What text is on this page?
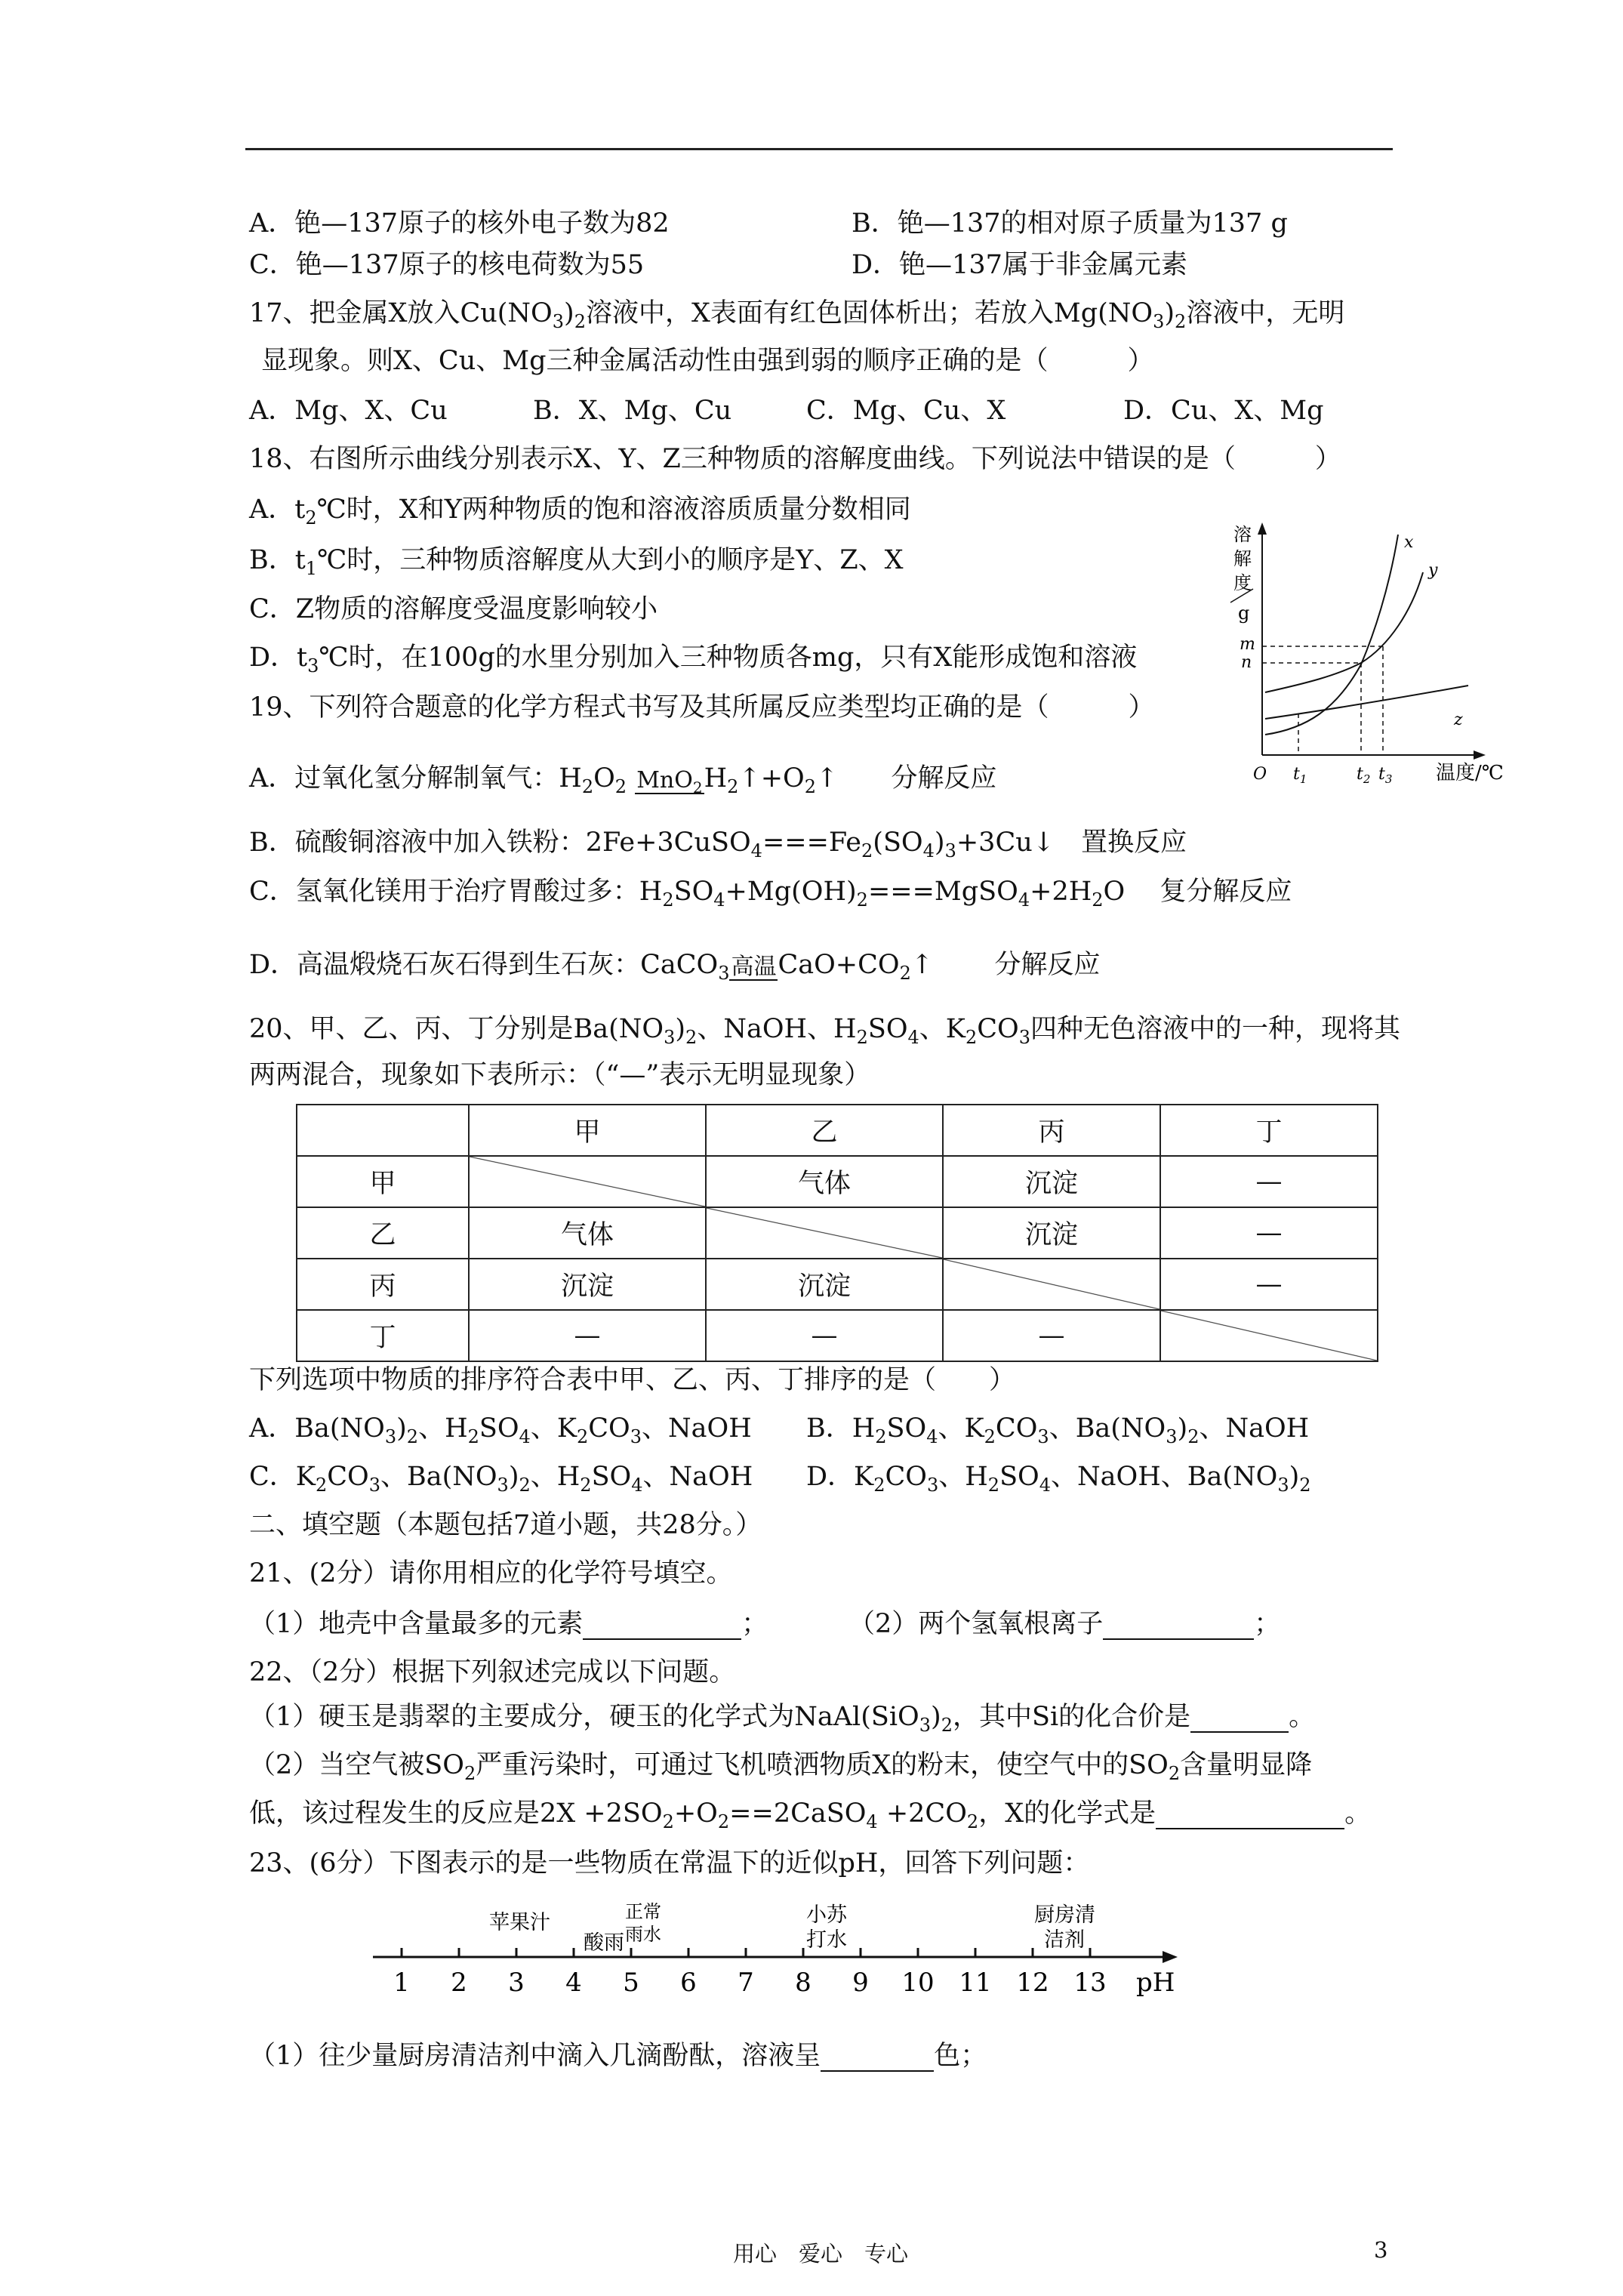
A．铯—137原子的核外电子数为82	B．铯—137的相对原子质量为137 g
C．铯—137原子的核电荷数为55	D．铯—137属于非金属元素
17、把金属X放入$Cu(NO_3)_2$溶液中，X表面有红色固体析出；若放入$Mg(NO_3)_2$溶液中，无明
显现象。则X、Cu、Mg三种金属活动性由强到弱的顺序正确的是（　　　）
A．Mg、X、Cu	B．X、Mg、Cu	C．Mg、Cu、X	D．Cu、X、Mg
18、右图所示曲线分别表示X、Y、Z三种物质的溶解度曲线。下列说法中错误的是（　　　）
A．$t_2℃$时，X和Y两种物质的饱和溶液溶质质量分数相同
B．$t_1℃$时，三种物质溶解度从大到小的顺序是Y、Z、X
C．Z物质的溶解度受温度影响较小
D．$t_3℃$时，在100g的水里分别加入三种物质各mg，只有X能形成饱和溶液
溶
解
度
g
m
n
x
y
z
O $t_1$	$t_2$ $t_3$ 温度/℃
19、下列符合题意的化学方程式书写及其所属反应类型均正确的是（　　　）
A．过氧化氢分解制氧气：$H_2O_2$ MnO$_2$ $H_2↑+O_2↑$　　分解反应
B．硫酸铜溶液中加入铁粉：$2Fe+3CuSO_4===Fe_2(SO_4)_3+3Cu↓$　 置换反应
C．氢氧化镁用于治疗胃酸过多：$H_2SO_4+Mg(OH)_2===MgSO_4+2H_2O$　 复分解反应
D．高温煅烧石灰石得到生石灰：CaCO$_3$ 高温 $CaO+CO_2↑$　　 分解反应
20、甲、乙、丙、丁分别是$Ba(NO_3)_2$、NaOH、$H_2SO_4$、$K_2CO_3$四种无色溶液中的一种，现将其
两两混合，现象如下表所示：（“—”表示无明显现象）
	甲	乙	丙	丁
甲		气体	沉淀	—
乙	气体		沉淀	—
丙	沉淀	沉淀		—
丁	—	—	—	
下列选项中物质的排序符合表中甲、乙、丙、丁排序的是（　　）
A．$Ba(NO_3)_2$、$H_2SO_4$、$K_2CO_3$、NaOH B．$H_2SO_4$、$K_2CO_3$、$Ba(NO_3)_2$、NaOH
C．$K_2CO_3$、$Ba(NO_3)_2$、$H_2SO_4$、NaOH D．$K_2CO_3$、$H_2SO_4$、NaOH、$Ba(NO_3)_2$
二、填空题（本题包括7道小题，共28分。）
21、(2分）请你用相应的化学符号填空。
（1）地壳中含量最多的元素	；	（2）两个氢氧根离子	；
22、（2分）根据下列叙述完成以下问题。
（1）硬玉是翡翠的主要成分，硬玉的化学式为$NaAl(SiO_3)_2$，其中Si的化合价是	。
（2）当空气被$SO_2$严重污染时，可通过飞机喷洒物质X的粉末，使空气中的$SO_2$含量明显降
低，该过程发生的反应是$2X +2SO_2+O_2==2CaSO_4 +2CO_2$，X的化学式是	。
23、(6分）下图表示的是一些物质在常温下的近似pH，回答下列问题：
1 2 3 4 5 6 7 8 9 10 11 12 13
苹果汁
酸雨
正常
雨水
小苏
打水
厨房清
洁剂
pH
（1）往少量厨房清洁剂中滴入几滴酚酞，溶液呈	色；
用心　爱心　专心	3
